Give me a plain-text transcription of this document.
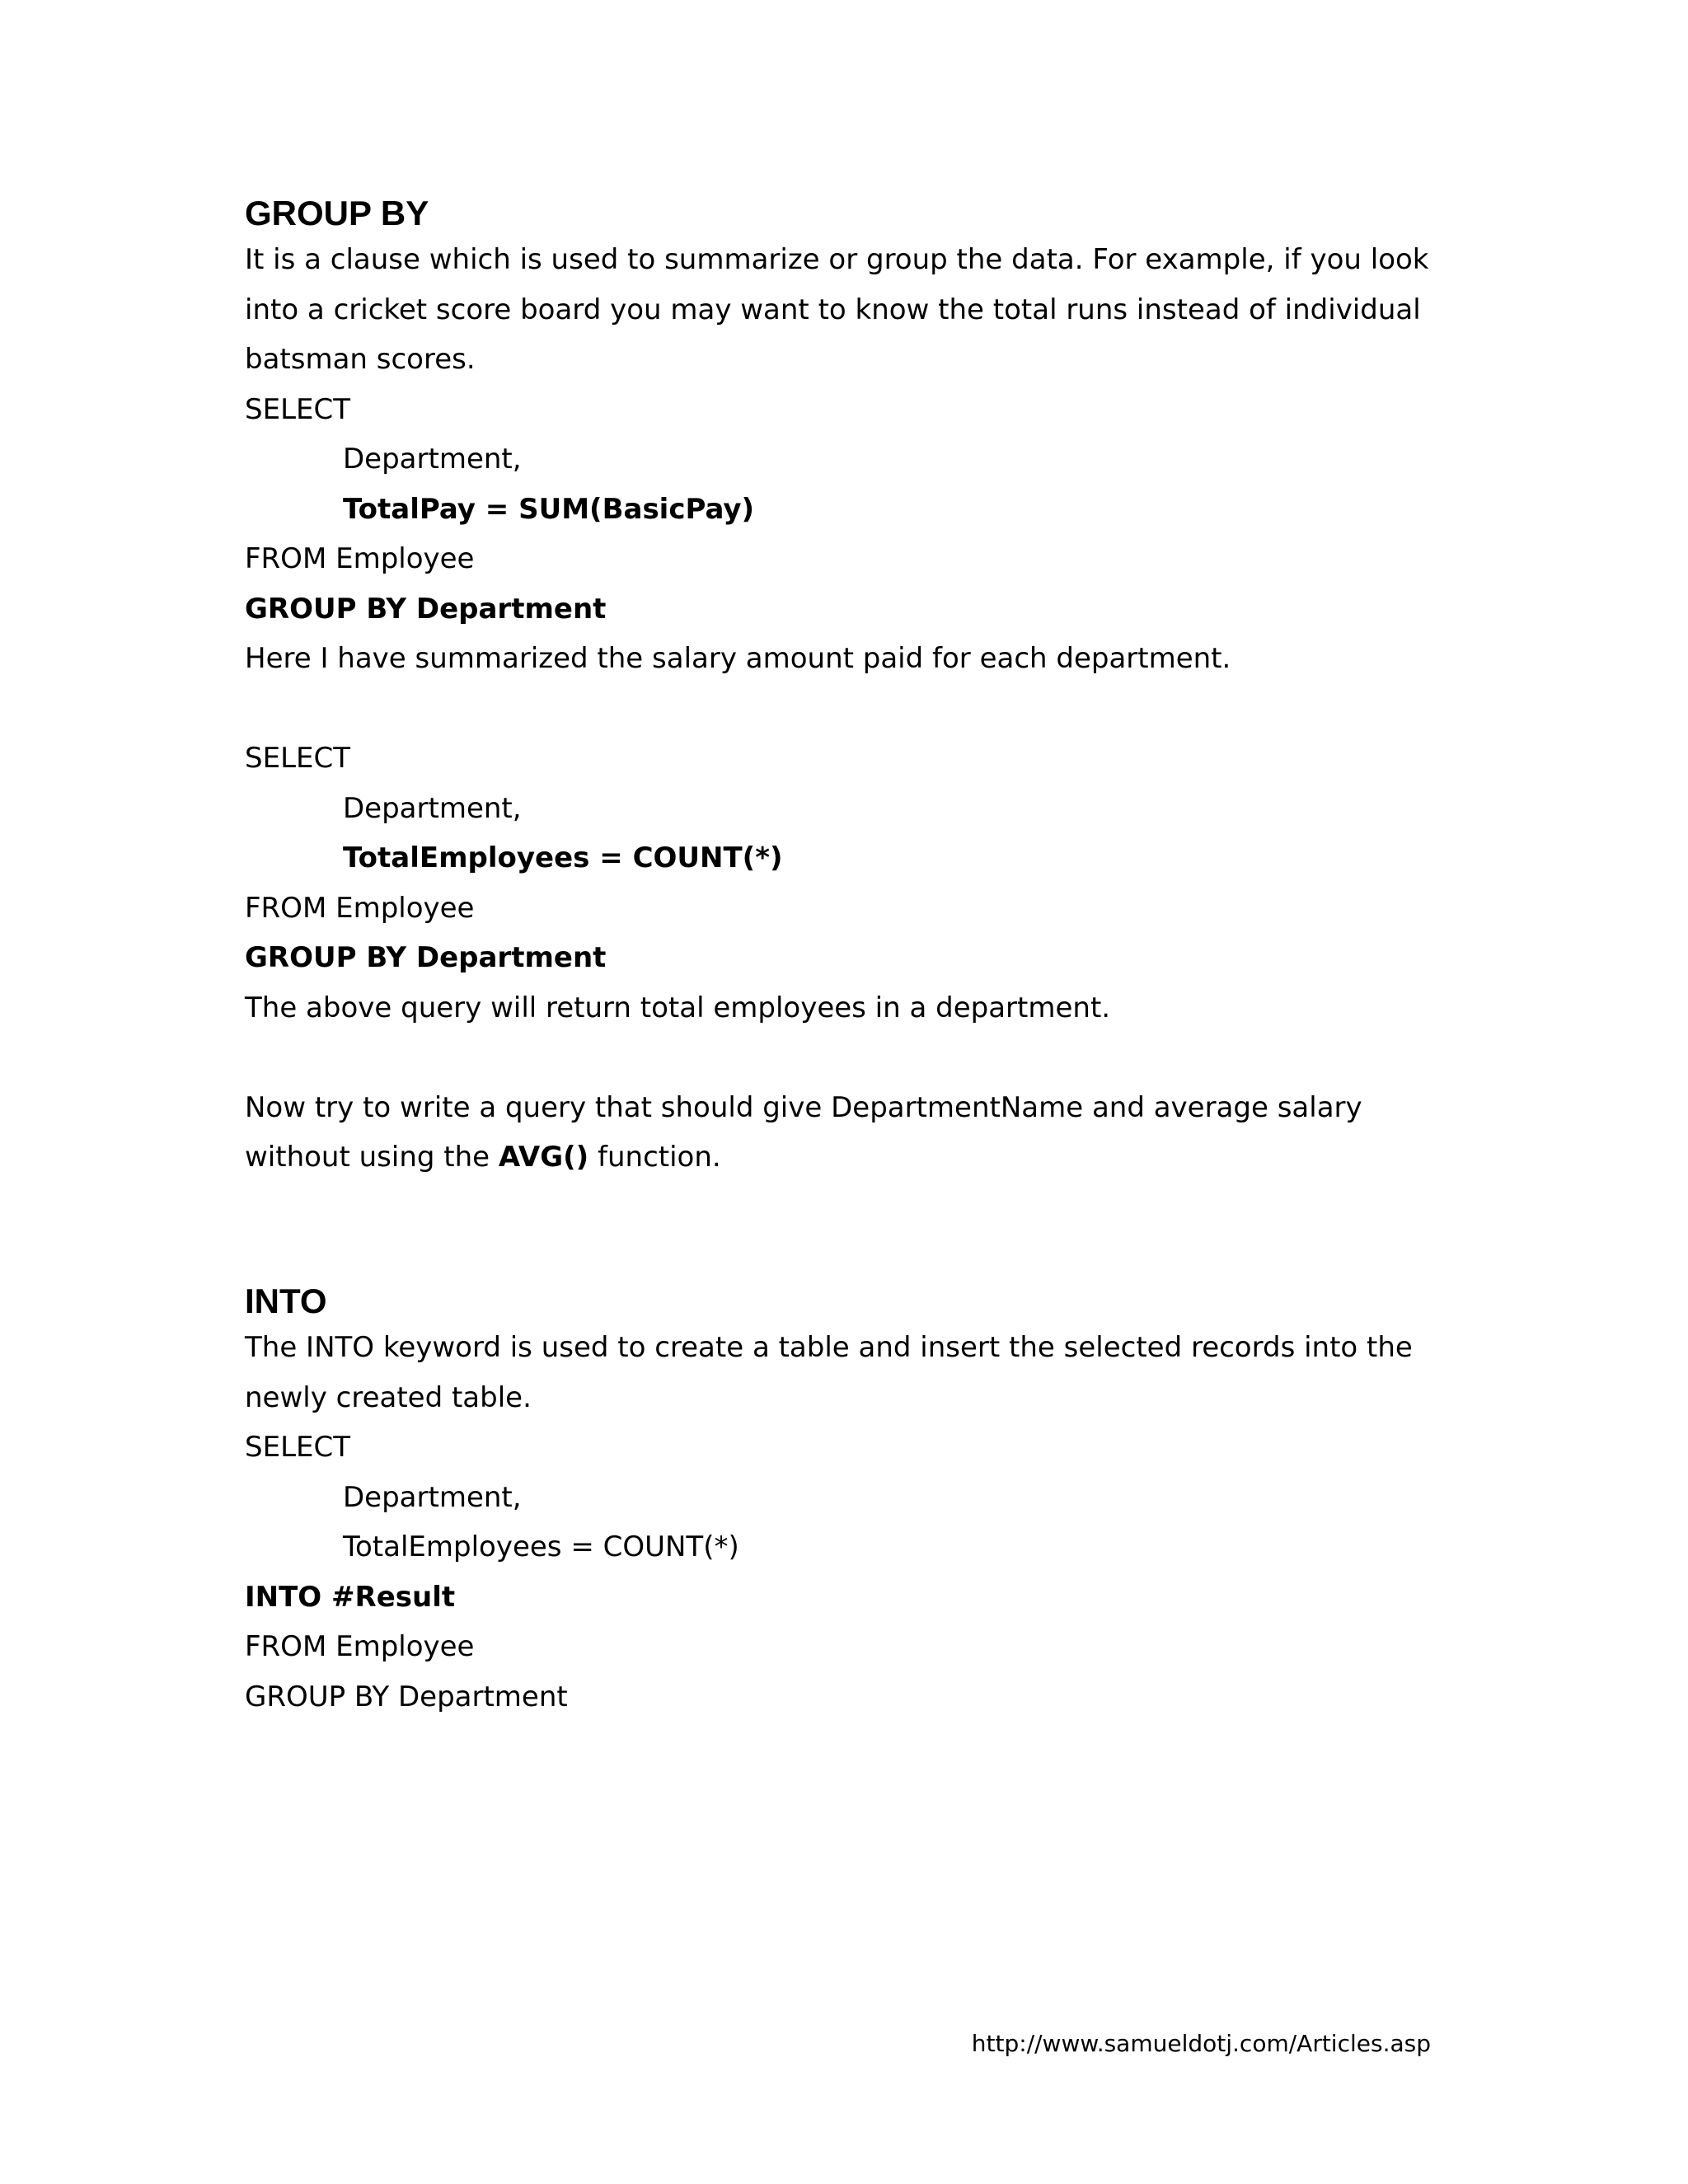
GROUP BY
It is a clause which is used to summarize or group the data. For example, if you look
into a cricket score board you may want to know the total runs instead of individual
batsman scores.
SELECT
Department,
TotalPay = SUM(BasicPay)
FROM Employee
GROUP BY Department
Here I have summarized the salary amount paid for each department.
SELECT
Department,
TotalEmployees = COUNT(*)
FROM Employee
GROUP BY Department
The above query will return total employees in a department.
Now try to write a query that should give DepartmentName and average salary
without using the AVG() function.
INTO
The INTO keyword is used to create a table and insert the selected records into the
newly created table.
SELECT
Department,
TotalEmployees = COUNT(*)
INTO #Result
FROM Employee
GROUP BY Department
http://www.samueldotj.com/Articles.asp
